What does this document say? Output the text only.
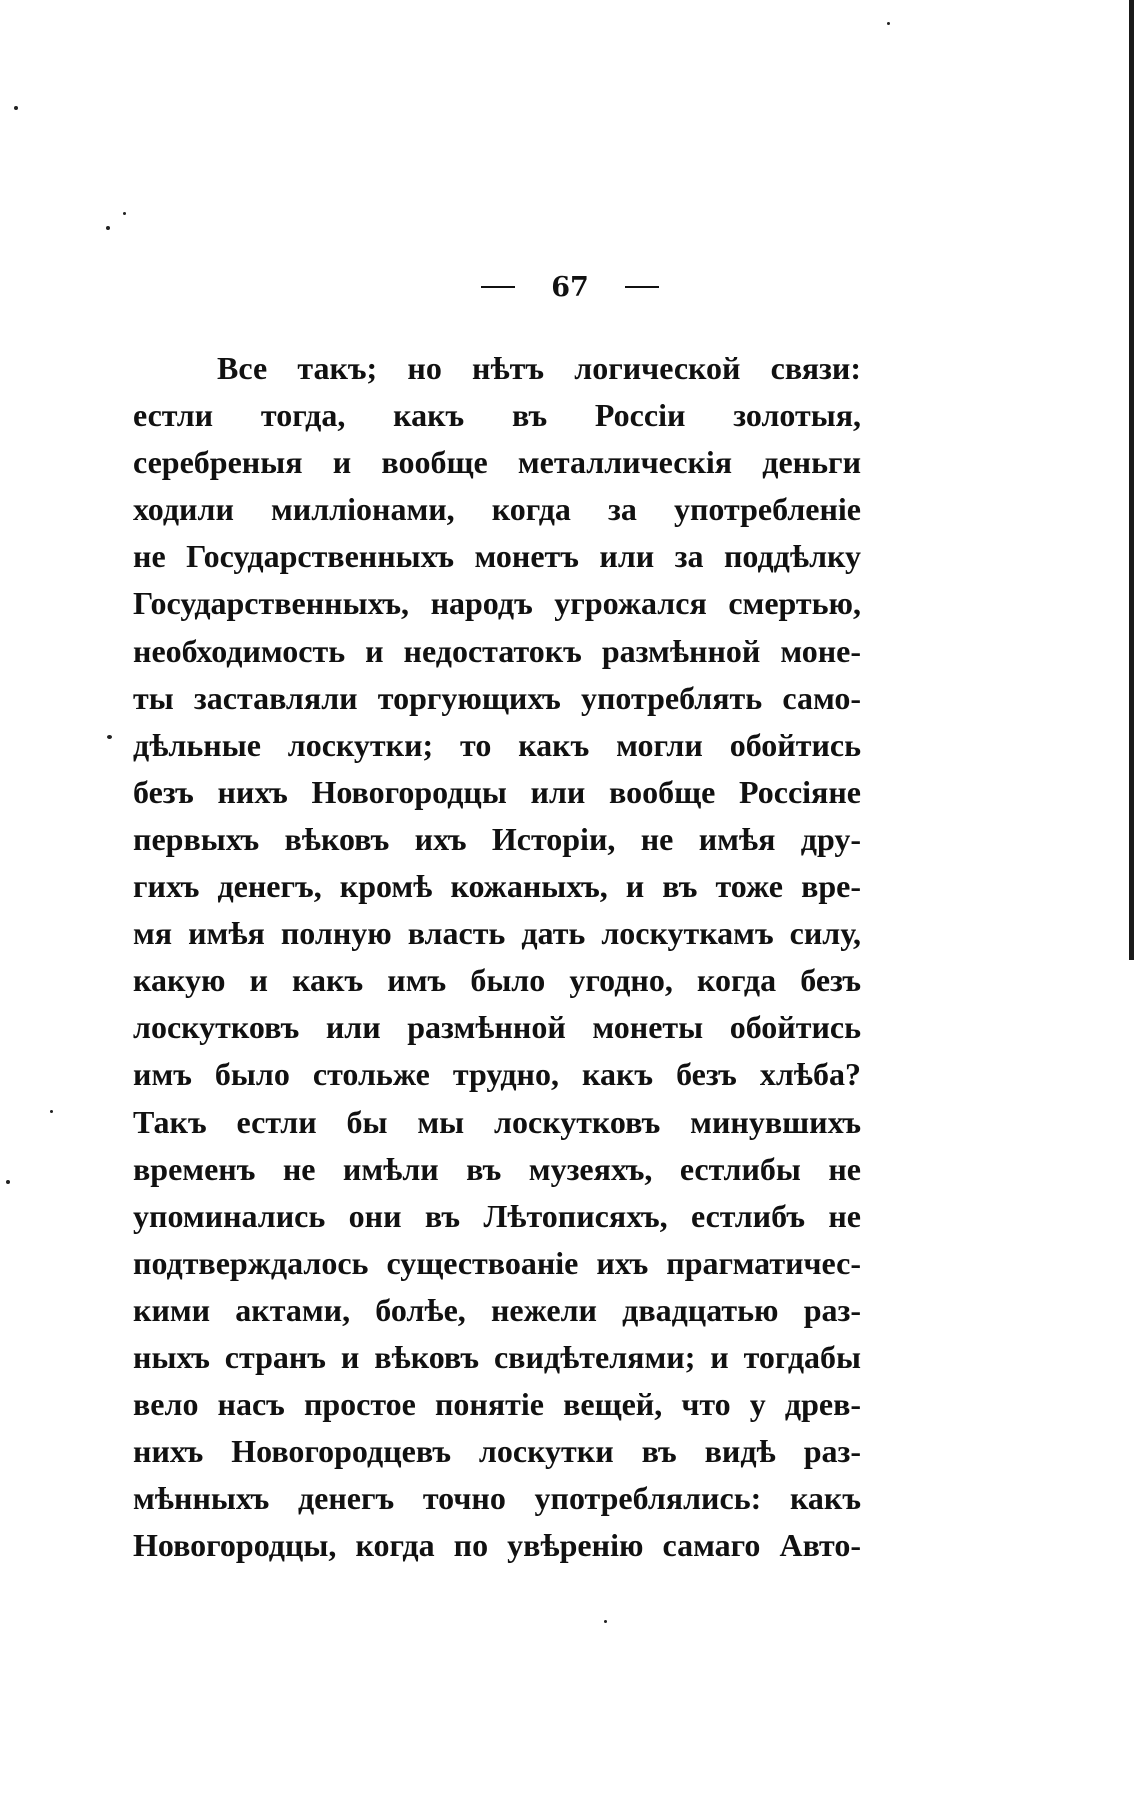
67
Все такъ; но нѣтъ логической связи:
естли тогда, какъ въ Россіи золотыя,
серебреныя и вообще металлическія деньги
ходили милліонами, когда за употребленіе
не Государственныхъ монетъ или за поддѣлку
Государственныхъ, народъ угрожался смертью,
необходимость и недостатокъ размѣнной моне-
ты заставляли торгующихъ употреблять само-
дѣльные лоскутки; то какъ могли обойтись
безъ нихъ Новогородцы или вообще Россіяне
первыхъ вѣковъ ихъ Исторіи, не имѣя дру-
гихъ денегъ, кромѣ кожаныхъ, и въ тоже вре-
мя имѣя полную власть дать лоскуткамъ силу,
какую и какъ имъ было угодно, когда безъ
лоскутковъ или размѣнной монеты обойтись
имъ было стольже трудно, какъ безъ хлѣба?
Такъ естли бы мы лоскутковъ минувшихъ
временъ не имѣли въ музеяхъ, естлибы не
упоминались они въ Лѣтописяхъ, естлибъ не
подтверждалось существоаніе ихъ прагматичес-
кими актами, болѣе, нежели двадцатью раз-
ныхъ странъ и вѣковъ свидѣтелями; и тогдабы
вело насъ простое понятіе вещей, что у древ-
нихъ Новогородцевъ лоскутки въ видѣ раз-
мѣнныхъ денегъ точно употреблялись: какъ
Новогородцы, когда по увѣренію самаго Авто-
